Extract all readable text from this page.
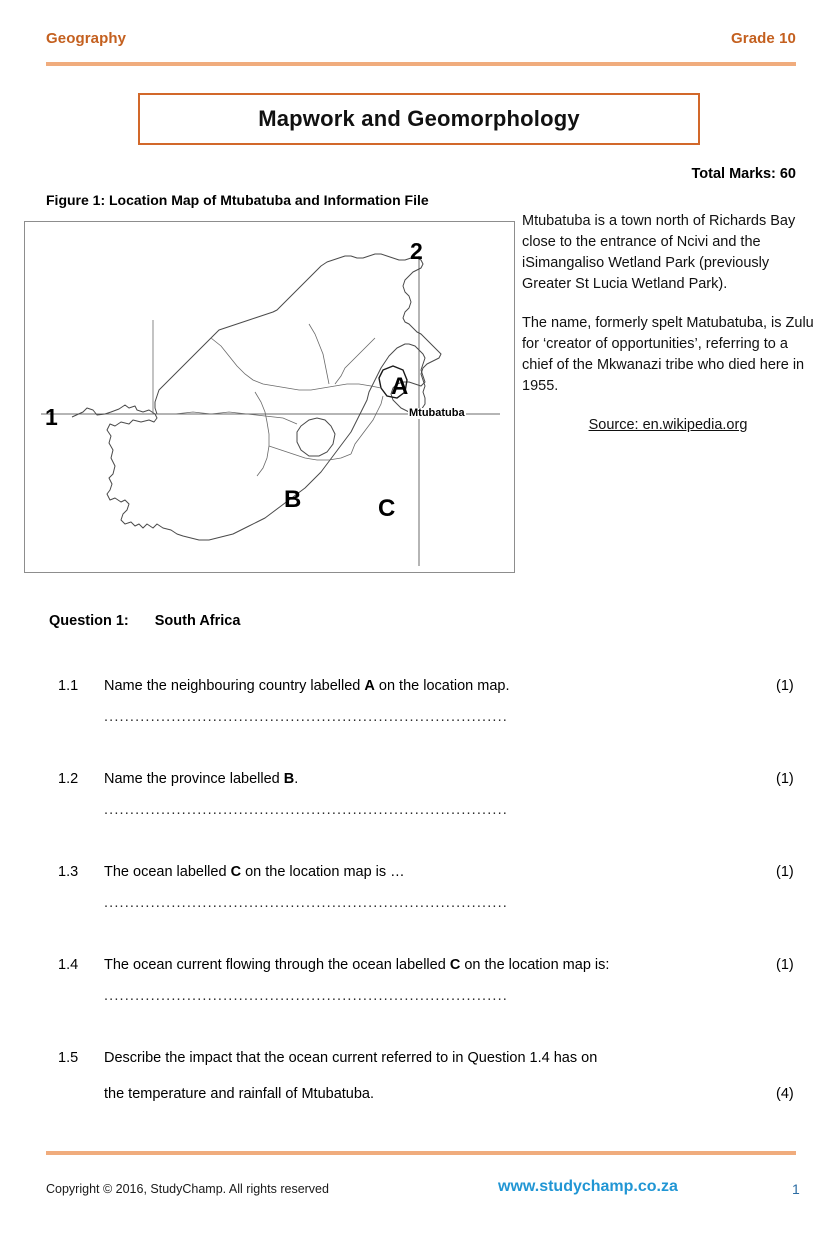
Geography	Grade 10
Mapwork and Geomorphology
Total Marks: 60
Figure 1: Location Map of Mtubatuba and Information File
1
2
A
B	C
Mtubatuba

Mtubatuba is a town north of Richards Bay close to the entrance of Ncivi and the iSimangaliso Wetland Park (previously Greater St Lucia Wetland Park).

The name, formerly spelt Matubatuba, is Zulu for ‘creator of opportunities’, referring to a chief of the Mkwanazi tribe who died here in 1955.

Source: en.wikipedia.org

Question 1: South Africa
1.1	Name the neighbouring country labelled A on the location map.	(1)
..............................................................................
1.2	Name the province labelled B.	(1)
..............................................................................
1.3	The ocean labelled C on the location map is …	(1)
..............................................................................
1.4	The ocean current flowing through the ocean labelled C on the location map is:	(1)
..............................................................................
1.5	Describe the impact that the ocean current referred to in Question 1.4 has on
the temperature and rainfall of Mtubatuba.	(4)
Copyright © 2016, StudyChamp. All rights reserved	www.studychamp.co.za	1
